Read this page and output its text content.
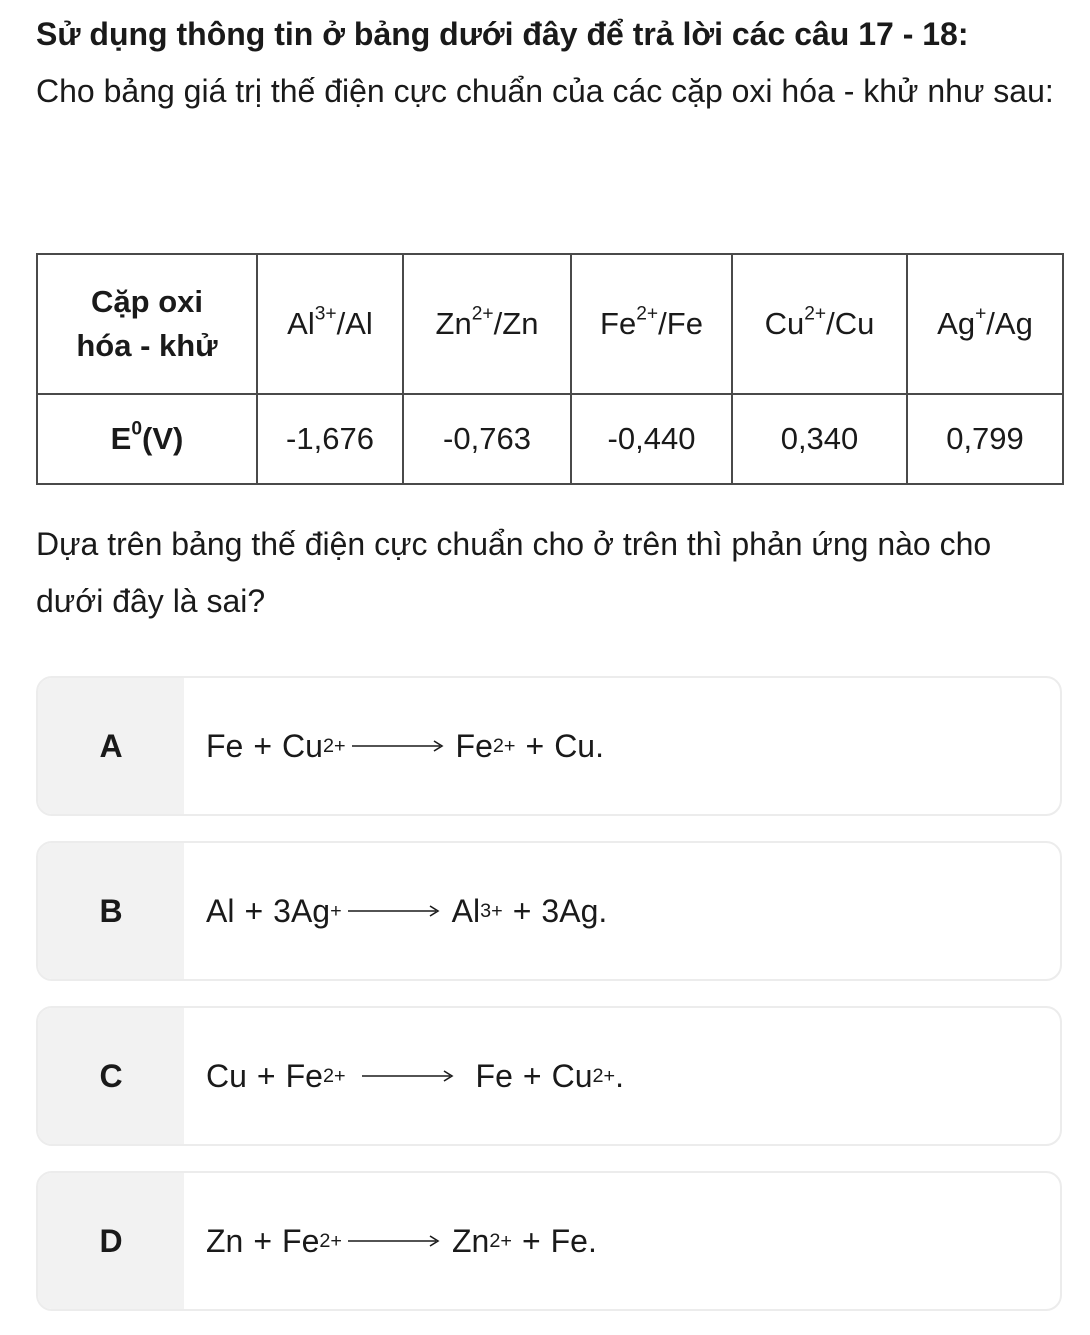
Sử dụng thông tin ở bảng dưới đây để trả lời các câu 17 - 18:

Cho bảng giá trị thế điện cực chuẩn của các cặp oxi hóa - khử như sau:

Cặp oxi
hóa - khử	$Al^{3+}/Al$	$Zn^{2+}/Zn$	$Fe^{2+}/Fe$	$Cu^{2+}/Cu$	Ag+/Ag
$E^0(V)$	-1,676	-0,763	-0,440	0,340	0,799

Dựa trên bảng thế điện cực chuẩn cho ở trên thì phản ứng nào cho dưới đây là sai?

A	Fe + Cu 2+ → Fe 2+ + Cu.
B	Al + 3Ag + → Al 3+ + 3Ag.
C	Cu + Fe 2+ → Fe + Cu 2+ .
D	Zn + Fe 2+ → Zn 2+ + Fe.
